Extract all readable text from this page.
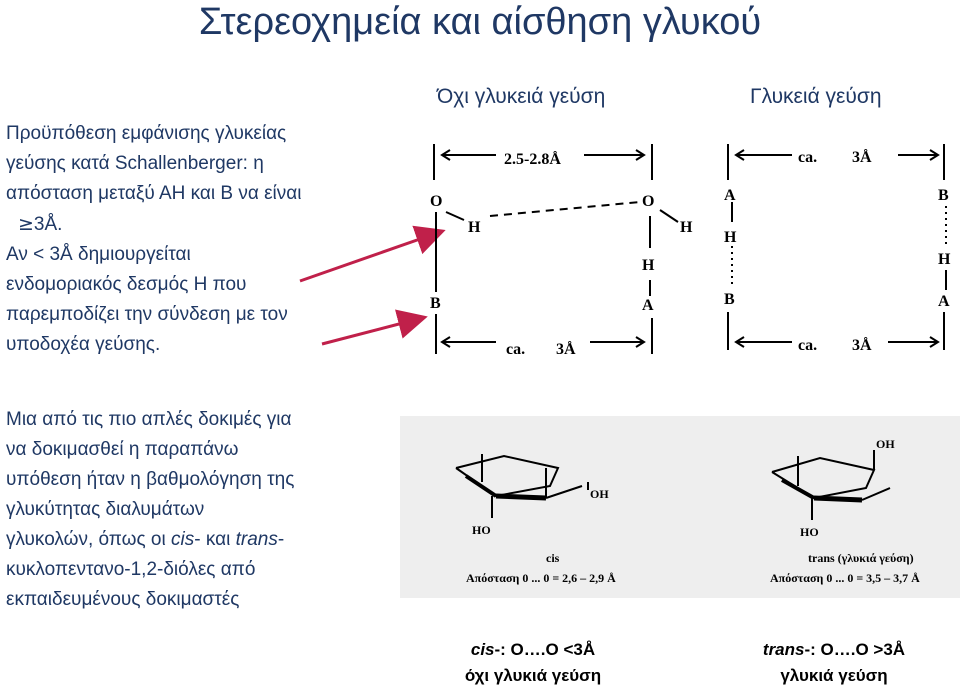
Στερεοχημεία και αίσθηση γλυκού
Προϋπόθεση εμφάνισης γλυκείας
γεύσης κατά Schallenberger: η
απόσταση μεταξύ ΑΗ και Β να είναι
≥3Å.
Αν < 3Å δημιουργείται
ενδομοριακός δεσμός Η που
παρεμποδίζει την σύνδεση με τον
υποδοχέα γεύσης.
Όχι γλυκειά γεύση	Γλυκειά γεύση
2.5-2.8Å
O
H
O
H
H
B	A
ca. 3Å
ca. 3Å
A
H
B
H
B	A
ca. 3Å
Μια από τις πιο απλές δοκιμές για
να δοκιμασθεί η παραπάνω
υπόθεση ήταν η βαθμολόγηση της
γλυκύτητας διαλυμάτων
γλυκολών, όπως οι cis- και trans-
κυκλοπεντανο-1,2-διόλες από
εκπαιδευμένους δοκιμαστές
OH
HO
cis
Απόσταση 0 ... 0 = 2,6 – 2,9 Å
OH
HO
trans (γλυκιά γεύση)
Απόσταση 0 ... 0 = 3,5 – 3,7 Å
cis-: O….O <3Å
όχι γλυκιά γεύση
trans-: O….O >3Å
γλυκιά γεύση
